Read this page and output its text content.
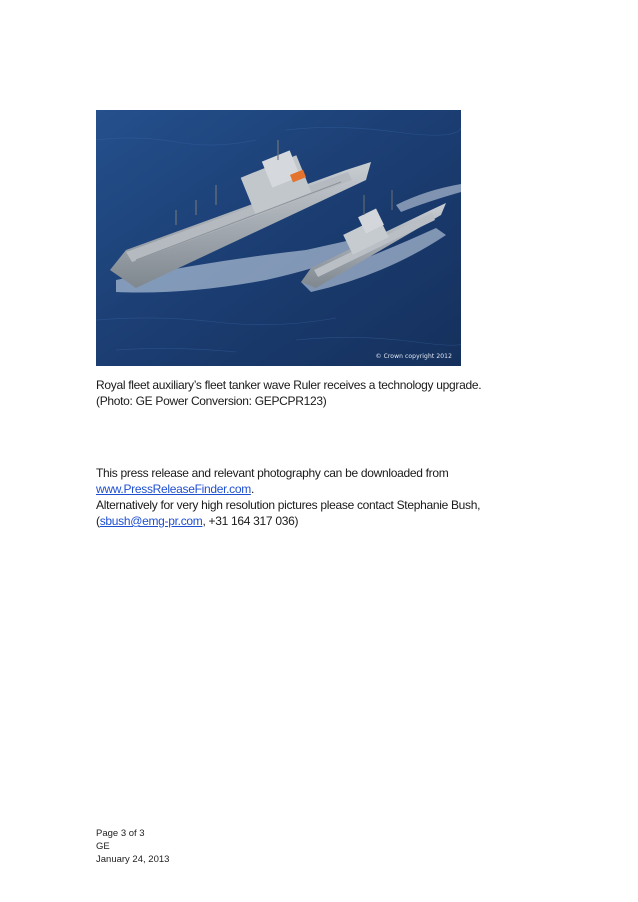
© Crown copyright 2012

Royal fleet auxiliary’s fleet tanker wave Ruler receives a technology upgrade.

(Photo: GE Power Conversion: GEPCPR123)

This press release and relevant photography can be downloaded from

www.PressReleaseFinder.com.

Alternatively for very high resolution pictures please contact Stephanie Bush,

(sbush@emg-pr.com, +31 164 317 036)

Page 3 of 3

GE

January 24, 2013
